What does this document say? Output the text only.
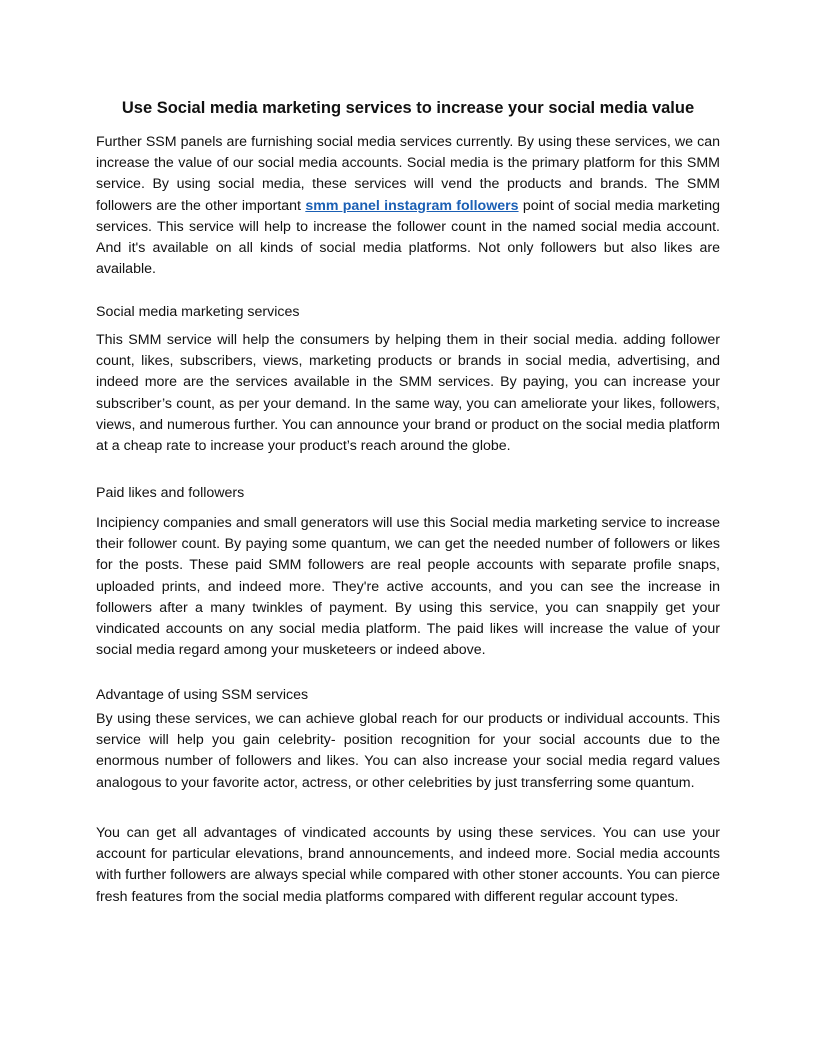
Use Social media marketing services to increase your social media value

Further SSM panels are furnishing social media services currently. By using these services, we can increase the value of our social media accounts. Social media is the primary platform for this SMM service. By using social media, these services will vend the products and brands. The SMM followers are the other important smm panel instagram followers point of social media marketing services. This service will help to increase the follower count in the named social media account. And it's available on all kinds of social media platforms. Not only followers but also likes are available.

Social media marketing services

This SMM service will help the consumers by helping them in their social media. adding follower count, likes, subscribers, views, marketing products or brands in social media, advertising, and indeed more are the services available in the SMM services. By paying, you can increase your subscriber’s count, as per your demand. In the same way, you can ameliorate your likes, followers, views, and numerous further. You can announce your brand or product on the social media platform at a cheap rate to increase your product’s reach around the globe.

Paid likes and followers

Incipiency companies and small generators will use this Social media marketing service to increase their follower count. By paying some quantum, we can get the needed number of followers or likes for the posts. These paid SMM followers are real people accounts with separate profile snaps, uploaded prints, and indeed more. They're active accounts, and you can see the increase in followers after a many twinkles of payment. By using this service, you can snappily get your vindicated accounts on any social media platform. The paid likes will increase the value of your social media regard among your musketeers or indeed above.

Advantage of using SSM services

By using these services, we can achieve global reach for our products or individual accounts. This service will help you gain celebrity- position recognition for your social accounts due to the enormous number of followers and likes. You can also increase your social media regard values analogous to your favorite actor, actress, or other celebrities by just transferring some quantum.

You can get all advantages of vindicated accounts by using these services. You can use your account for particular elevations, brand announcements, and indeed more. Social media accounts with further followers are always special while compared with other stoner accounts. You can pierce fresh features from the social media platforms compared with different regular account types.
